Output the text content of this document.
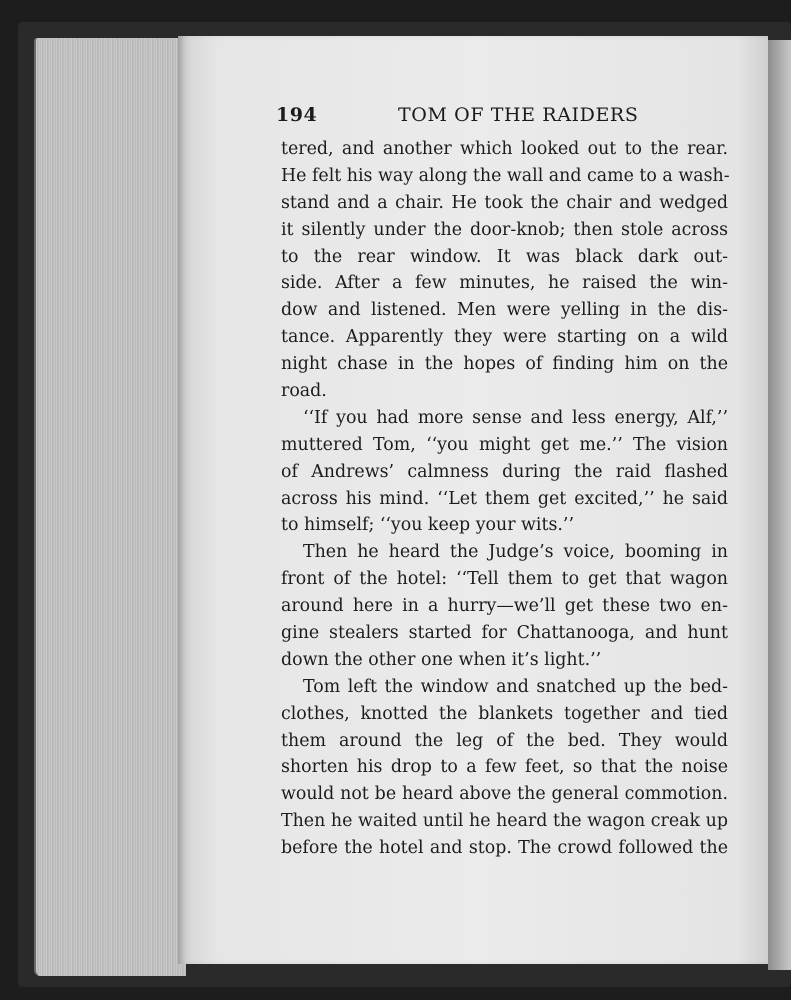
194	TOM OF THE RAIDERS
tered, and another which looked out to the rear.
He felt his way along the wall and came to a wash-
stand and a chair. He took the chair and wedged
it silently under the door-knob; then stole across
to the rear window. It was black dark out-
side. After a few minutes, he raised the win-
dow and listened. Men were yelling in the dis-
tance. Apparently they were starting on a wild
night chase in the hopes of finding him on the
road.
‘‘If you had more sense and less energy, Alf,’’
muttered Tom, ‘‘you might get me.’’ The vision
of Andrews’ calmness during the raid flashed
across his mind. ‘‘Let them get excited,’’ he said
to himself; ‘‘you keep your wits.’’
Then he heard the Judge’s voice, booming in
front of the hotel: ‘‘Tell them to get that wagon
around here in a hurry—we’ll get these two en-
gine stealers started for Chattanooga, and hunt
down the other one when it’s light.’’
Tom left the window and snatched up the bed-
clothes, knotted the blankets together and tied
them around the leg of the bed. They would
shorten his drop to a few feet, so that the noise
would not be heard above the general commotion.
Then he waited until he heard the wagon creak up
before the hotel and stop. The crowd followed the
